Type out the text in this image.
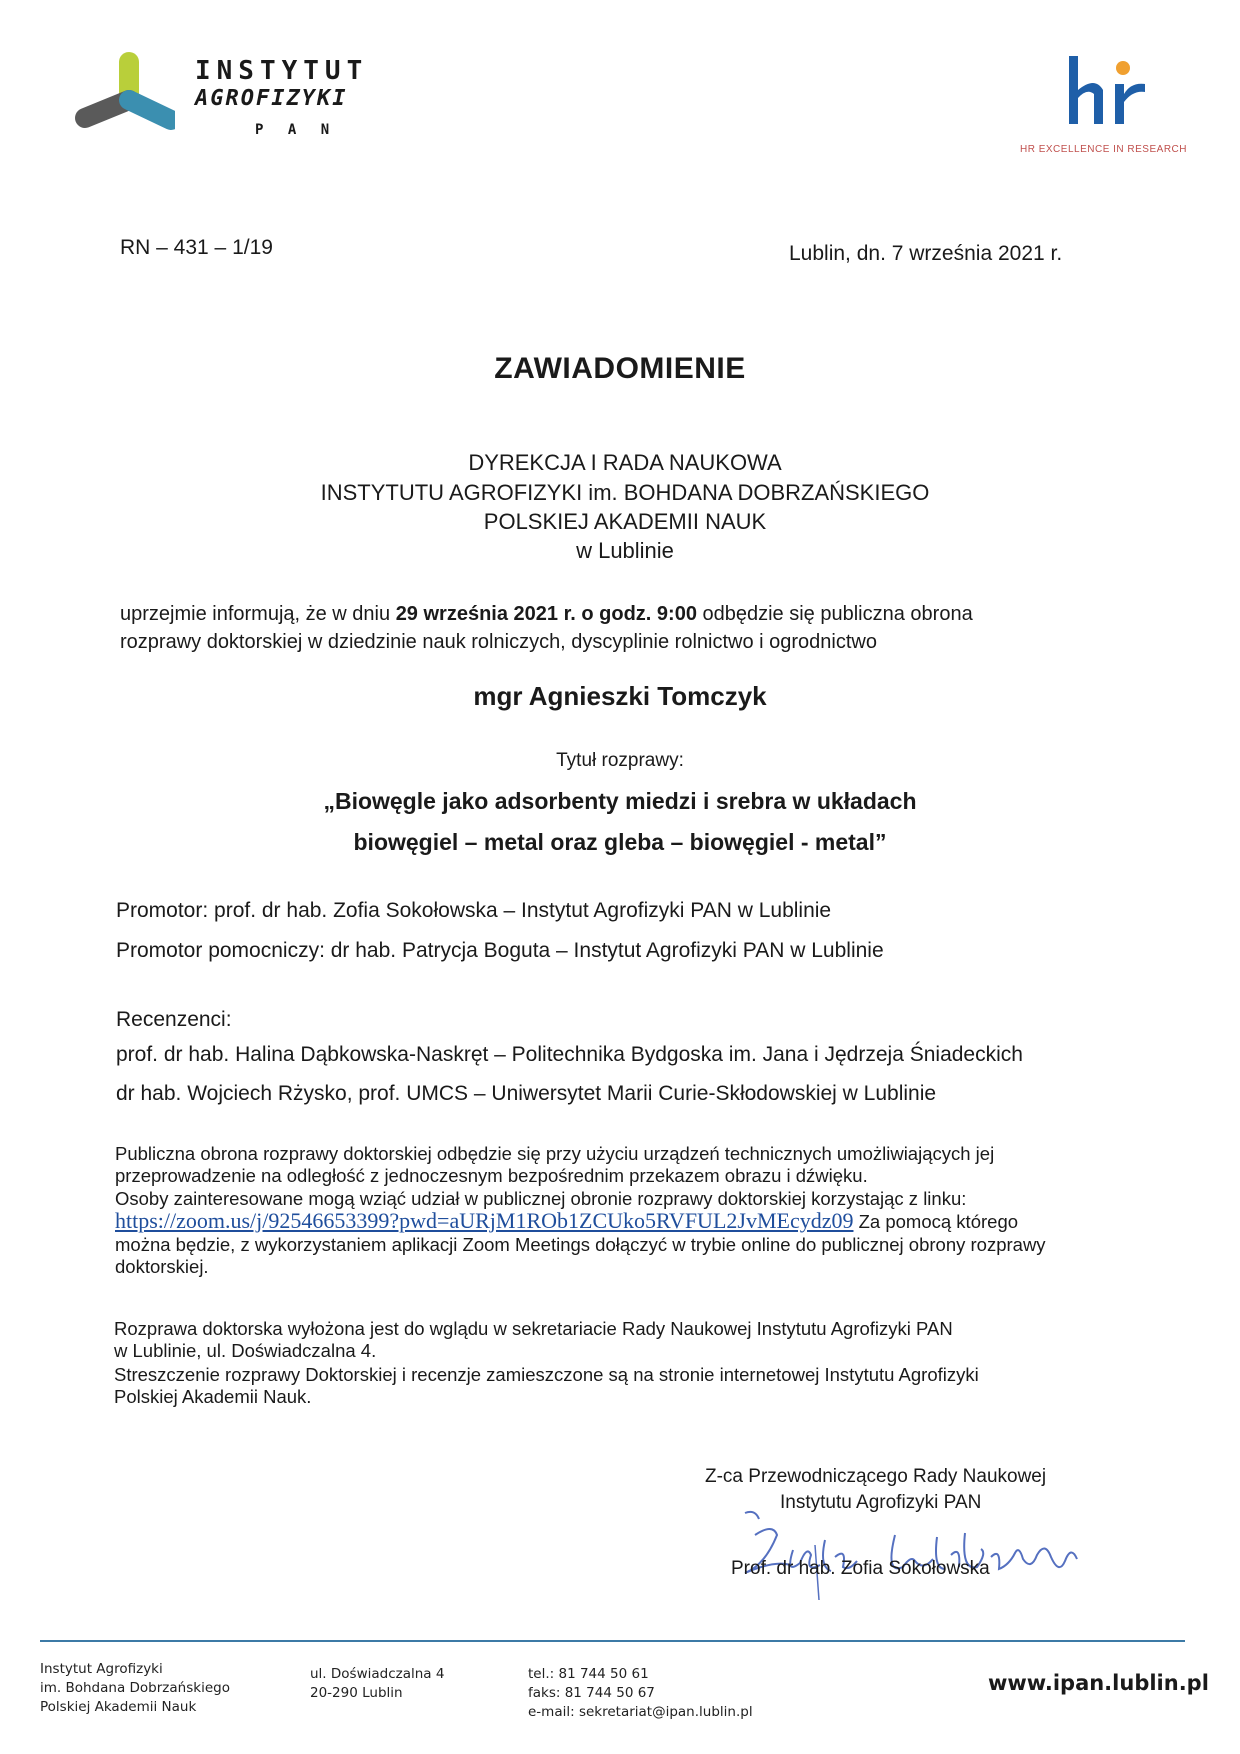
INSTYTUT
AGROFIZYKI
P A N
HR EXCELLENCE IN RESEARCH
RN – 431 – 1/19	Lublin, dn. 7 września 2021 r.
ZAWIADOMIENIE
DYREKCJA I RADA NAUKOWA
INSTYTUTU AGROFIZYKI im. BOHDANA DOBRZAŃSKIEGO
POLSKIEJ AKADEMII NAUK
w Lublinie
uprzejmie informują, że w dniu 29 września 2021 r. o godz. 9:00 odbędzie się publiczna obrona
rozprawy doktorskiej w dziedzinie nauk rolniczych, dyscyplinie rolnictwo i ogrodnictwo
mgr Agnieszki Tomczyk
Tytuł rozprawy:
„Biowęgle jako adsorbenty miedzi i srebra w układach
biowęgiel – metal oraz gleba – biowęgiel - metal”
Promotor: prof. dr hab. Zofia Sokołowska – Instytut Agrofizyki PAN w Lublinie
Promotor pomocniczy: dr hab. Patrycja Boguta – Instytut Agrofizyki PAN w Lublinie
Recenzenci:
prof. dr hab. Halina Dąbkowska-Naskręt – Politechnika Bydgoska im. Jana i Jędrzeja Śniadeckich
dr hab. Wojciech Rżysko, prof. UMCS – Uniwersytet Marii Curie-Skłodowskiej w Lublinie
Publiczna obrona rozprawy doktorskiej odbędzie się przy użyciu urządzeń technicznych umożliwiających jej
przeprowadzenie na odległość z jednoczesnym bezpośrednim przekazem obrazu i dźwięku.
Osoby zainteresowane mogą wziąć udział w publicznej obronie rozprawy doktorskiej korzystając z linku:
https://zoom.us/j/92546653399?pwd=aURjM1ROb1ZCUko5RVFUL2JvMEcydz09 Za pomocą którego
można będzie, z wykorzystaniem aplikacji Zoom Meetings dołączyć w trybie online do publicznej obrony rozprawy
doktorskiej.
Rozprawa doktorska wyłożona jest do wglądu w sekretariacie Rady Naukowej Instytutu Agrofizyki PAN
w Lublinie, ul. Doświadczalna 4.
Streszczenie rozprawy Doktorskiej i recenzje zamieszczone są na stronie internetowej Instytutu Agrofizyki
Polskiej Akademii Nauk.
Z-ca Przewodniczącego Rady Naukowej
Instytutu Agrofizyki PAN
Prof. dr hab. Zofia Sokołowska
Instytut Agrofizyki
im. Bohdana Dobrzańskiego
Polskiej Akademii Nauk
ul. Doświadczalna 4
20-290 Lublin
tel.: 81 744 50 61
faks: 81 744 50 67
e-mail: sekretariat@ipan.lublin.pl
www.ipan.lublin.pl
